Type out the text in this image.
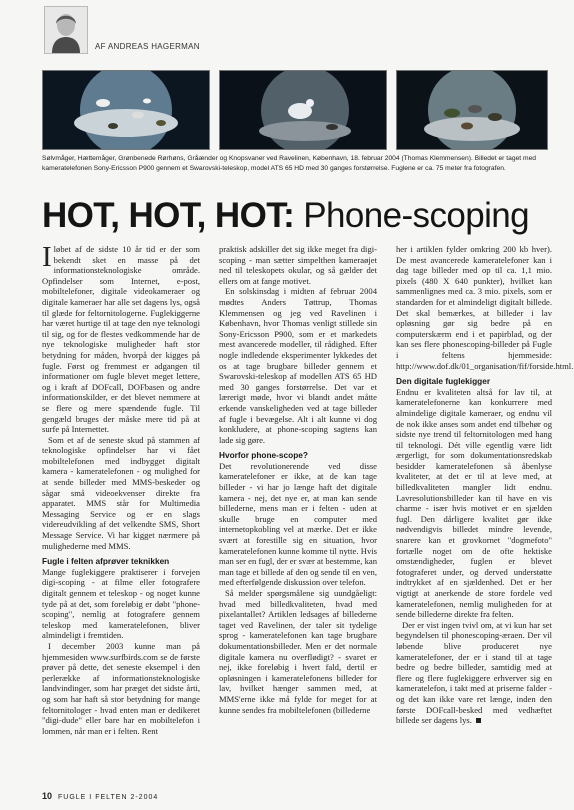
AF ANDREAS HAGERMAN
Sølvmåger, Hættemåger, Grønbenede Rørhøns, Gråænder og Knopsvaner ved Ravelinen, København, 18. februar 2004 (Thomas Klemmensen). Billedet er taget med kameratelefonen Sony-Ericsson P900 gennem et Swarovski-teleskop, model ATS 65 HD med 30 ganges forstørrelse. Fuglene er ca. 75 meter fra fotografen.
HOT, HOT, HOT: Phone-scoping

Iløbet af de sidste 10 år tid er der som bekendt sket en masse på det informationsteknologiske område. Opfindelser som Internet, e-post, mobiltelefoner, digitale videokameraer og digitale kameraer har alle set dagens lys, også til glæde for feltornitologerne. Fuglekiggerne har været hurtige til at tage den nye teknologi til sig, og for de flestes vedkommende har de nye teknologiske muligheder haft stor betydning for måden, hvorpå der kigges på fugle. Først og fremmest er adgangen til informationer om fugle blevet meget lettere, og i kraft af DOFcall, DOFbasen og andre informationskilder, er det blevet nemmere at se flere og mere spændende fugle. Til gengæld bruges der måske mere tid på at surfe på Internettet.

Som et af de seneste skud på stammen af teknologiske opfindelser har vi fået mobiltelefonen med indbygget digitalt kamera - kameratelefonen - og mulighed for at sende billeder med MMS-beskeder og sågar små videoekvenser direkte fra apparatet. MMS står for Multimedia Messaging Service og er en slags videreudvikling af det velkendte SMS, Short Message Service. Vi har kigget nærmere på mulighederne med MMS.

Fugle i felten afprøver teknikken

Mange fuglekiggere praktiserer i forvejen digi-scoping - at filme eller fotografere digitalt gennem et teleskop - og noget kunne tyde på at det, som foreløbig er døbt "phone-scoping", nemlig at fotografere gennem teleskop med kameratelefonen, bliver almindeligt i fremtiden.

I december 2003 kunne man på hjemmesiden www.surfbirds.com se de første prøver på dette, det seneste eksempel i den perlerække af informationsteknologiske landvindinger, som har præget det sidste årti, og som har haft så stor betydning for mange feltornitologer - hvad enten man er dedikeret "digi-dude" eller bare har en mobiltelefon i lommen, når man er i felten. Rent

praktisk adskiller det sig ikke meget fra digi-scoping - man sætter simpelthen kameraøjet ned til teleskopets okular, og så gælder det ellers om at fange motivet.

En solskinsdag i midten af februar 2004 mødtes Anders Tøttrup, Thomas Klemmensen og jeg ved Ravelinen i København, hvor Thomas venligt stillede sin Sony-Ericsson P900, som er et markedets mest avancerede modeller, til rådighed. Efter nogle indledende eksperimenter lykkedes det os at tage brugbare billeder gennem et Swarovski-teleskop af modellen ATS 65 HD med 30 ganges forstørrelse. Det var et lærerigt møde, hvor vi blandt andet måtte erkende vanskeligheden ved at tage billeder af fugle i bevægelse. Alt i alt kunne vi dog konkludere, at phone-scoping sagtens kan lade sig gøre.

Hvorfor phone-scope?

Det revolutionerende ved disse kameratelefoner er ikke, at de kan tage billeder - vi har jo længe haft det digitale kamera - nej, det nye er, at man kan sende billederne, mens man er i felten - uden at skulle bruge en computer med internetopkobling vel at mærke. Det er ikke svært at forestille sig en situation, hvor kameratelefonen kunne komme til nytte. Hvis man ser en fugl, der er svær at bestemme, kan man tage et billede af den og sende til en ven, med efterfølgende diskussion over telefon.

Så melder spørgsmålene sig uundgåeligt: hvad med billedkvaliteten, hvad med pixelantallet? Artiklen ledsages af billederne taget ved Ravelinen, der taler sit tydelige sprog - kameratelefonen kan tage brugbare dokumentationsbilleder. Men er det normale digitale kamera nu overflødigt? - svaret er nej, ikke foreløbig i hvert fald, dertil er opløsningen i kameratelefonens billeder for lav, hvilket hænger sammen med, at MMS'erne ikke må fylde for meget for at kunne sendes fra mobiltelefonen (billederne

her i artiklen fylder omkring 200 kb hver). De mest avancerede kameratelefoner kan i dag tage billeder med op til ca. 1,1 mio. pixels (480 X 640 punkter), hvilket kan sammenlignes med ca. 3 mio. pixels, som er standarden for et almindeligt digitalt billede. Det skal bemærkes, at billeder i lav opløsning gør sig bedre på en computerskærm end i et papirblad, og der kan ses flere phonescoping-billeder på Fugle i feltens hjemmeside: http://www.dof.dk/01_organisation/fif/forside.html.

Den digitale fuglekigger

Endnu er kvaliteten altså for lav til, at kameratelefonerne kan konkurrere med almindelige digitale kameraer, og endnu vil de nok ikke anses som andet end tilbehør og sidste nye trend til feltornitologen med hang til teknologi. Dét ville egentlig være lidt ærgerligt, for som dokumentationsredskab besidder kameratelefonen så åbenlyse kvaliteter, at det er til at leve med, at billedkvaliteten mangler lidt endnu. Lavresolutionsbilleder kan til have en vis charme - især hvis motivet er en sjælden fugl. Den dårligere kvalitet gør ikke nødvendigvis billedet mindre levende, snarere kan et grovkornet "dogmefoto" fortælle noget om de ofte hektiske omstændigheder, fuglen er blevet fotograferet under, og derved understøtte indtrykket af en sjældenhed. Det er her vigtigt at anerkende de store fordele ved kameratelefonen, nemlig muligheden for at sende billederne direkte fra felten.

Der er vist ingen tvivl om, at vi kun har set begyndelsen til phonescoping-æraen. Der vil løbende blive produceret nye kameratelefoner, der er i stand til at tage bedre og bedre billeder, samtidig med at flere og flere fuglekiggere erhverver sig en kameratelefon, i takt med at priserne falder - og det kan ikke vare ret længe, inden den første DOFcall-besked med vedhæftet billede ser dagens lys.

10 FUGLE I FELTEN 2-2004
